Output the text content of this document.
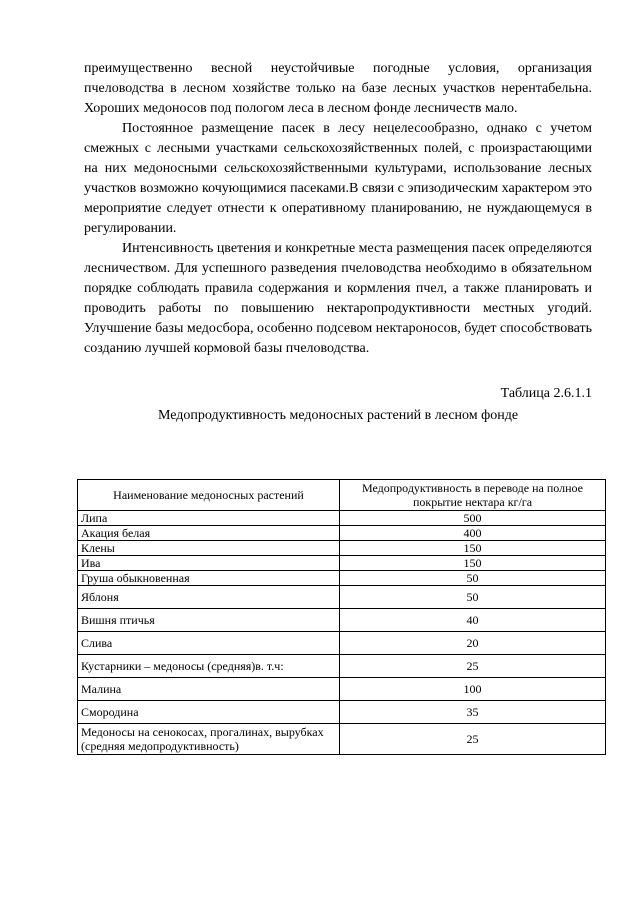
преимущественно весной неустойчивые погодные условия, организация пчеловодства в лесном хозяйстве только на базе лесных участков нерентабельна. Хороших медоносов под пологом леса в лесном фонде лесничеств мало.

Постоянное размещение пасек в лесу нецелесообразно, однако с учетом смежных с лесными участками сельскохозяйственных полей, с произрастающими на них медоносными сельскохозяйственными культурами, использование лесных участков возможно кочующимися пасеками.В связи с эпизодическим характером это мероприятие следует отнести к оперативному планированию, не нуждающемуся в регулировании.

Интенсивность цветения и конкретные места размещения пасек определяются лесничеством. Для успешного разведения пчеловодства необходимо в обязательном порядке соблюдать правила содержания и кормления пчел, а также планировать и проводить работы по повышению нектаропродуктивности местных угодий. Улучшение базы медосбора, особенно подсевом нектароносов, будет способствовать созданию лучшей кормовой базы пчеловодства.

Таблица 2.6.1.1
Медопродуктивность медоносных растений в лесном фонде
Наименование медоносных растений	Медопродуктивность в переводе на полное покрытие нектара кг/га
Липа	500
Акация белая	400
Клены	150
Ива	150
Груша обыкновенная	50
Яблоня	50
Вишня птичья	40
Слива	20
Кустарники – медоносы (средняя)в. т.ч:	25
Малина	100
Смородина	35
Медоносы на сенокосах, прогалинах, вырубках (средняя медопродуктивность)	25
